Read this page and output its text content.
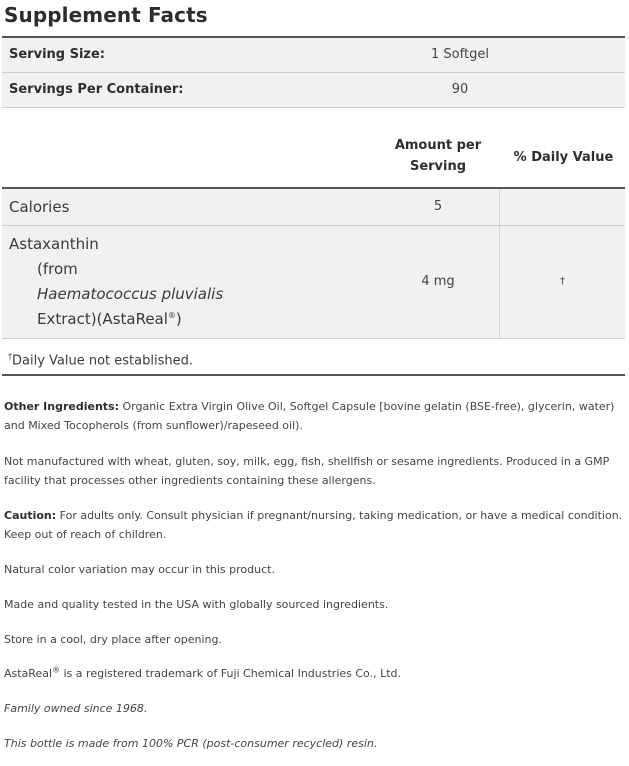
Supplement Facts
Serving Size:	1 Softgel
Servings Per Container:	90
Amount per
Serving
% Daily Value
Calories	5
Astaxanthin
(from
Haematococcus pluvialis
Extract)(AstaReal®)
4 mg	†
†Daily Value not established.
Other Ingredients: Organic Extra Virgin Olive Oil, Softgel Capsule [bovine gelatin (BSE-free), glycerin, water) and Mixed Tocopherols (from sunflower)/rapeseed oil).
Not manufactured with wheat, gluten, soy, milk, egg, fish, shellfish or sesame ingredients. Produced in a GMP facility that processes other ingredients containing these allergens.
Caution: For adults only. Consult physician if pregnant/nursing, taking medication, or have a medical condition. Keep out of reach of children.
Natural color variation may occur in this product.
Made and quality tested in the USA with globally sourced ingredients.
Store in a cool, dry place after opening.
AstaReal® is a registered trademark of Fuji Chemical Industries Co., Ltd.
Family owned since 1968.
This bottle is made from 100% PCR (post-consumer recycled) resin.
